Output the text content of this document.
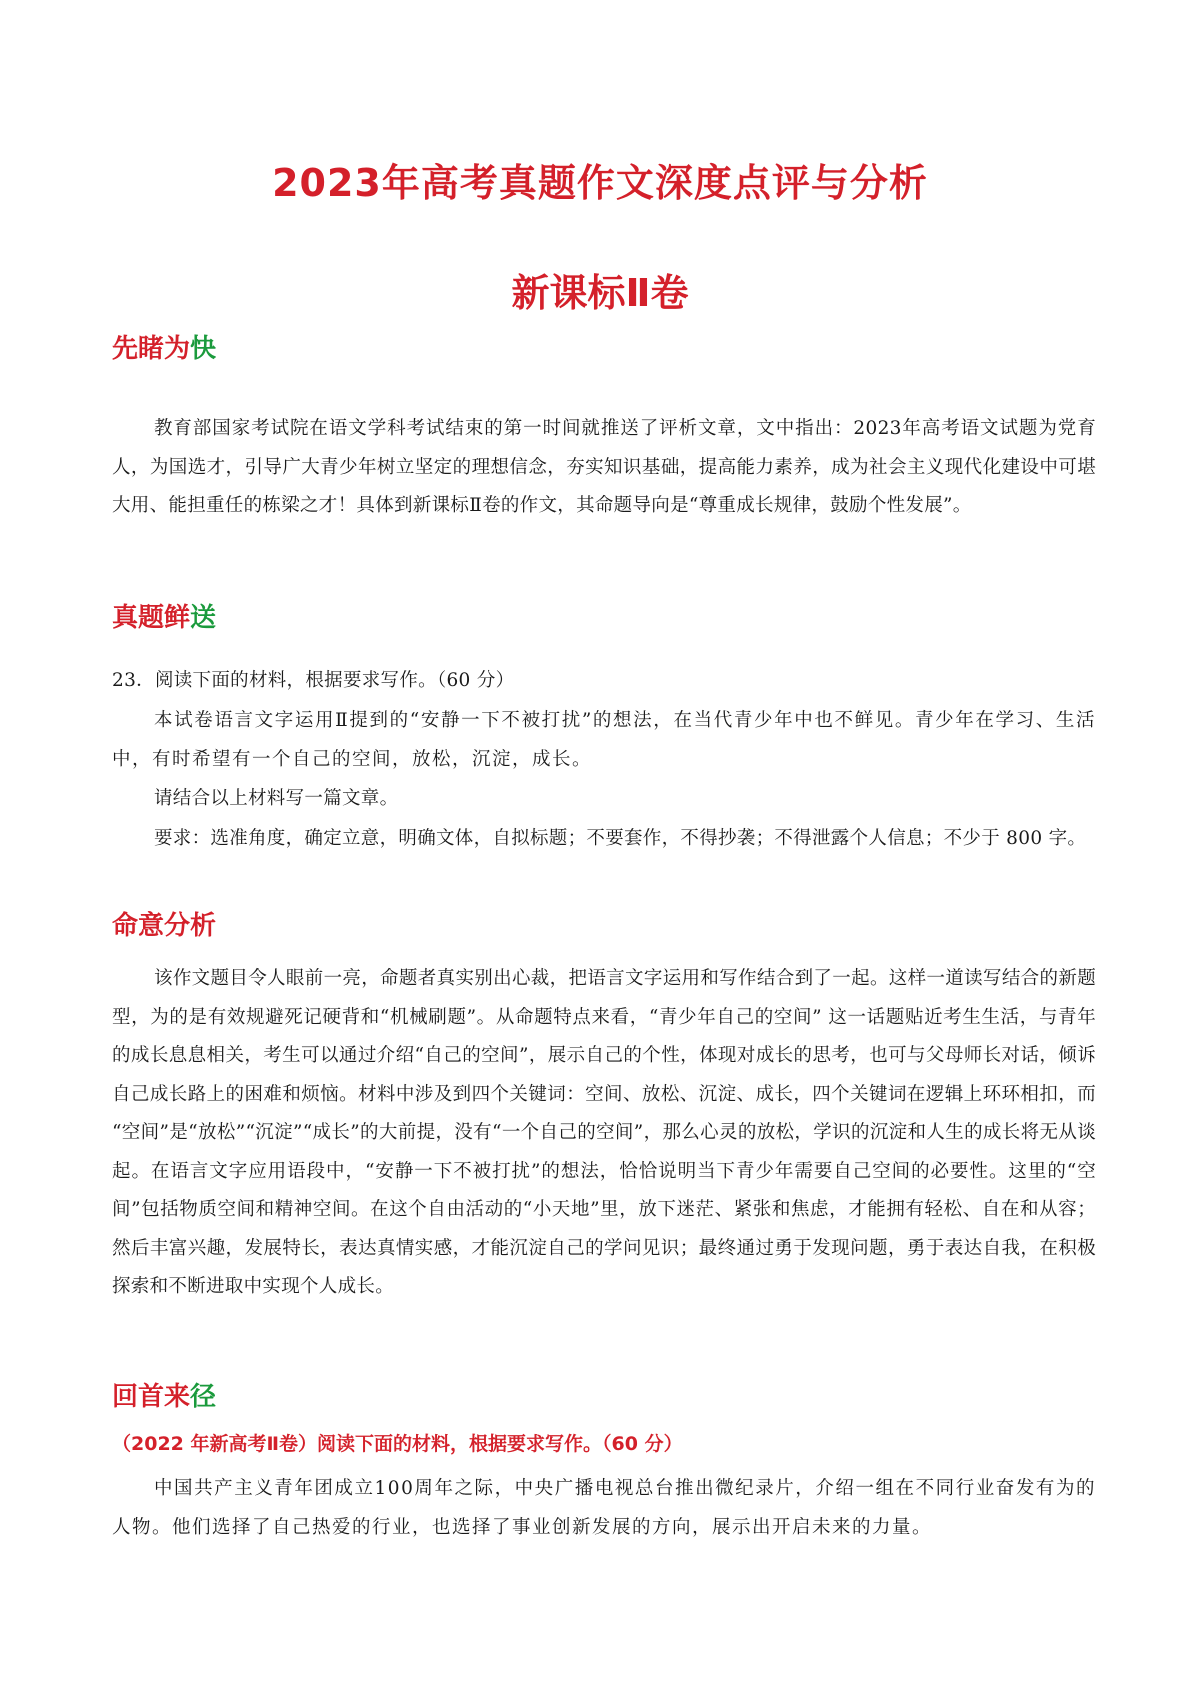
2023年高考真题作文深度点评与分析
新课标Ⅱ卷
先睹为快

教育部国家考试院在语文学科考试结束的第一时间就推送了评析文章，文中指出：2023年高考语文试题为党育人，为国选才，引导广大青少年树立坚定的理想信念，夯实知识基础，提高能力素养，成为社会主义现代化建设中可堪大用、能担重任的栋梁之才！具体到新课标Ⅱ卷的作文，其命题导向是“尊重成长规律，鼓励个性发展”。

真题鲜送

23．阅读下面的材料，根据要求写作。（60 分）

本试卷语言文字运用Ⅱ提到的“安静一下不被打扰”的想法，在当代青少年中也不鲜见。青少年在学习、生活中，有时希望有一个自己的空间，放松，沉淀，成长。

请结合以上材料写一篇文章。

要求：选准角度，确定立意，明确文体，自拟标题；不要套作，不得抄袭；不得泄露个人信息；不少于 800 字。

命意分析

该作文题目令人眼前一亮，命题者真实别出心裁，把语言文字运用和写作结合到了一起。这样一道读写结合的新题型，为的是有效规避死记硬背和“机械刷题”。从命题特点来看，“青少年自己的空间” 这一话题贴近考生生活，与青年的成长息息相关，考生可以通过介绍“自己的空间”，展示自己的个性，体现对成长的思考，也可与父母师长对话，倾诉自己成长路上的困难和烦恼。材料中涉及到四个关键词：空间、放松、沉淀、成长，四个关键词在逻辑上环环相扣，而 “空间”是“放松”“沉淀”“成长”的大前提，没有“一个自己的空间”，那么心灵的放松，学识的沉淀和人生的成长将无从谈起。在语言文字应用语段中，“安静一下不被打扰”的想法，恰恰说明当下青少年需要自己空间的必要性。这里的“空间”包括物质空间和精神空间。在这个自由活动的“小天地”里，放下迷茫、紧张和焦虑，才能拥有轻松、自在和从容；然后丰富兴趣，发展特长，表达真情实感，才能沉淀自己的学问见识；最终通过勇于发现问题，勇于表达自我，在积极探索和不断进取中实现个人成长。

回首来径

（2022 年新高考Ⅱ卷）阅读下面的材料，根据要求写作。（60 分）

中国共产主义青年团成立100周年之际，中央广播电视总台推出微纪录片，介绍一组在不同行业奋发有为的人物。他们选择了自己热爱的行业，也选择了事业创新发展的方向，展示出开启未来的力量。
